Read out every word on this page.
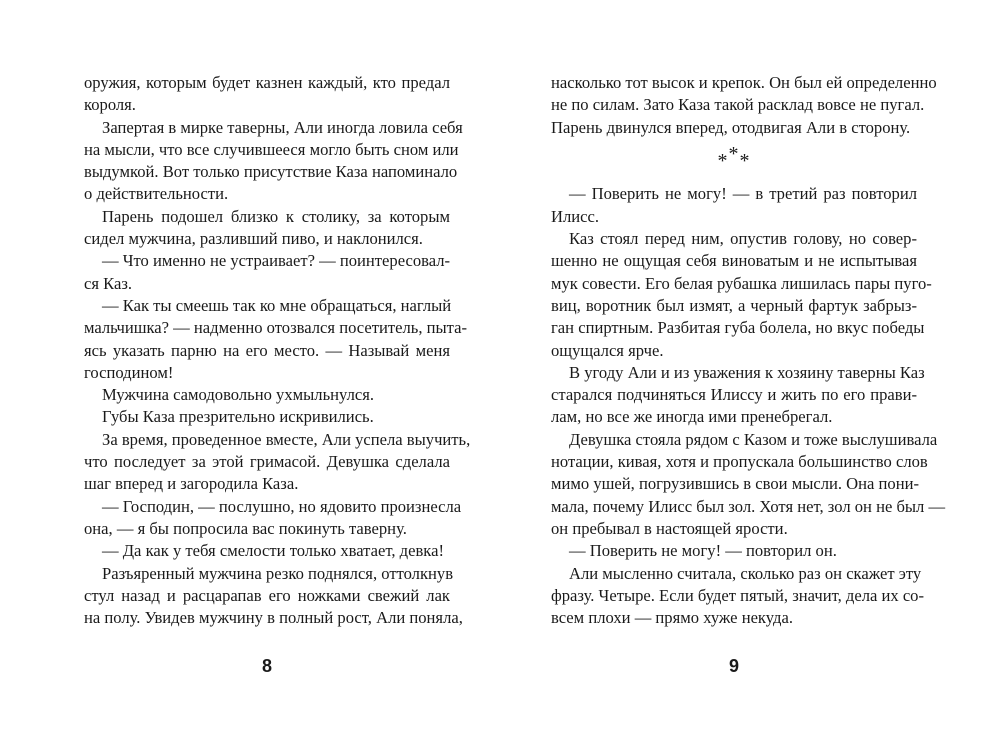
оружия, которым будет казнен каждый, кто предал
короля.
Запертая в мирке таверны, Али иногда ловила себя
на мысли, что все случившееся могло быть сном или
выдумкой. Вот только присутствие Каза напоминало
о действительности.
Парень подошел близко к столику, за которым
сидел мужчина, разливший пиво, и наклонился.
— Что именно не устраивает? — поинтересовал-
ся Каз.
— Как ты смеешь так ко мне обращаться, наглый
мальчишка? — надменно отозвался посетитель, пыта-
ясь указать парню на его место. — Называй меня
господином!
Мужчина самодовольно ухмыльнулся.
Губы Каза презрительно искривились.
За время, проведенное вместе, Али успела выучить,
что последует за этой гримасой. Девушка сделала
шаг вперед и загородила Каза.
— Господин, — послушно, но ядовито произнесла
она, — я бы попросила вас покинуть таверну.
— Да как у тебя смелости только хватает, девка!
Разъяренный мужчина резко поднялся, оттолкнув
стул назад и расцарапав его ножками свежий лак
на полу. Увидев мужчину в полный рост, Али поняла,
насколько тот высок и крепок. Он был ей определенно
не по силам. Зато Каза такой расклад вовсе не пугал.
Парень двинулся вперед, отодвигая Али в сторону.
***
— Поверить не могу! — в третий раз повторил
Илисс.
Каз стоял перед ним, опустив голову, но совер-
шенно не ощущая себя виноватым и не испытывая
мук совести. Его белая рубашка лишилась пары пуго-
виц, воротник был измят, а черный фартук забрыз-
ган спиртным. Разбитая губа болела, но вкус победы
ощущался ярче.
В угоду Али и из уважения к хозяину таверны Каз
старался подчиняться Илиссу и жить по его прави-
лам, но все же иногда ими пренебрегал.
Девушка стояла рядом с Казом и тоже выслушивала
нотации, кивая, хотя и пропускала большинство слов
мимо ушей, погрузившись в свои мысли. Она пони-
мала, почему Илисс был зол. Хотя нет, зол он не был —
он пребывал в настоящей ярости.
— Поверить не могу! — повторил он.
Али мысленно считала, сколько раз он скажет эту
фразу. Четыре. Если будет пятый, значит, дела их со-
всем плохи — прямо хуже некуда.
8	9
